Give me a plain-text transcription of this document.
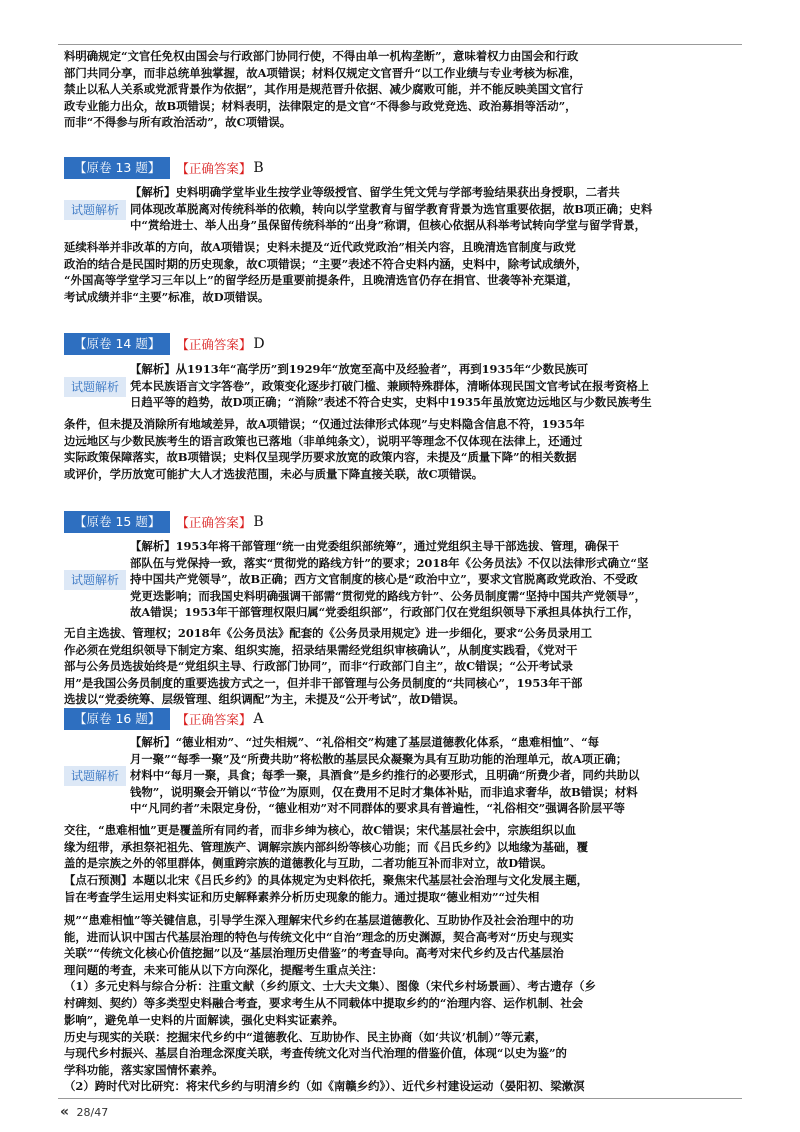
料明确规定“文官任免权由国会与行政部门协同行使，不得由单一机构垄断”，意味着权力由国会和行政
部门共同分享，而非总统单独掌握，故A项错误；材料仅规定文官晋升“以工作业绩与专业考核为标准，
禁止以私人关系或党派背景作为依据”，其作用是规范晋升依据、减少腐败可能，并不能反映美国文官行
政专业能力出众，故B项错误；材料表明，法律限定的是文官“不得参与政党竞选、政治募捐等活动”，
而非“不得参与所有政治活动”，故C项错误。
【原卷 13 题】	【正确答案】 B
试题解析
【解析】史料明确学堂毕业生按学业等级授官、留学生凭文凭与学部考验结果获出身授职，二者共
同体现改革脱离对传统科举的依赖，转向以学堂教育与留学教育背景为选官重要依据，故B项正确；史料
中“赏给进士、举人出身”虽保留传统科举的“出身”称谓，但核心依据从科举考试转向学堂与留学背景，
延续科举并非改革的方向，故A项错误；史料未提及“近代政党政治”相关内容，且晚清选官制度与政党
政治的结合是民国时期的历史现象，故C项错误；“主要”表述不符合史料内涵，史料中，除考试成绩外，
“外国高等学堂学习三年以上”的留学经历是重要前提条件，且晚清选官仍存在捐官、世袭等补充渠道，
考试成绩并非“主要”标准，故D项错误。
【原卷 14 题】	【正确答案】 D
试题解析
【解析】从1913年“高学历”到1929年“放宽至高中及经验者”，再到1935年“少数民族可
凭本民族语言文字答卷”，政策变化逐步打破门槛、兼顾特殊群体，清晰体现民国文官考试在报考资格上
日趋平等的趋势，故D项正确；“消除”表述不符合史实，史料中1935年虽放宽边远地区与少数民族考生
条件，但未提及消除所有地域差异，故A项错误；“仅通过法律形式体现”与史料隐含信息不符，1935年
边远地区与少数民族考生的语言政策也已落地（非单纯条文），说明平等理念不仅体现在法律上，还通过
实际政策保障落实，故B项错误；史料仅呈现学历要求放宽的政策内容，未提及“质量下降”的相关数据
或评价，学历放宽可能扩大人才选拔范围，未必与质量下降直接关联，故C项错误。
【原卷 15 题】	【正确答案】 B
试题解析
【解析】1953年将干部管理“统一由党委组织部统筹”，通过党组织主导干部选拔、管理，确保干
部队伍与党保持一致，落实“贯彻党的路线方针”的要求；2018年《公务员法》不仅以法律形式确立“坚
持中国共产党领导”，故B正确；西方文官制度的核心是“政治中立”，要求文官脱离政党政治、不受政
党更迭影响；而我国史料明确强调干部需“贯彻党的路线方针”、公务员制度需“坚持中国共产党领导”，
故A错误；1953年干部管理权限归属“党委组织部”，行政部门仅在党组织领导下承担具体执行工作，
无自主选拔、管理权；2018年《公务员法》配套的《公务员录用规定》进一步细化，要求“公务员录用工
作必须在党组织领导下制定方案、组织实施，招录结果需经党组织审核确认”，从制度实践看，《党对干
部与公务员选拔始终是“党组织主导、行政部门协同”，而非“行政部门自主”，故C错误；“公开考试录
用”是我国公务员制度的重要选拔方式之一，但并非干部管理与公务员制度的“共同核心”，1953年干部
选拔以“党委统筹、层级管理、组织调配”为主，未提及“公开考试”，故D错误。
【原卷 16 题】	【正确答案】 A
试题解析
【解析】“德业相劝”、“过失相规”、“礼俗相交”构建了基层道德教化体系，“患难相恤”、“每
月一聚”“每季一聚”及“所费共助”将松散的基层民众凝聚为具有互助功能的治理单元，故A项正确；
材料中“每月一聚，具食；每季一聚，具酒食”是乡约推行的必要形式，且明确“所费少者，同约共助以
钱物”，说明聚会开销以“节俭”为原则，仅在费用不足时才集体补贴，而非追求奢华，故B错误；材料
中“凡同约者”未限定身份，“德业相劝”对不同群体的要求具有普遍性，“礼俗相交”强调各阶层平等
交往，“患难相恤”更是覆盖所有同约者，而非乡绅为核心，故C错误；宋代基层社会中，宗族组织以血
缘为纽带，承担祭祀祖先、管理族产、调解宗族内部纠纷等核心功能；而《吕氏乡约》以地缘为基础，覆
盖的是宗族之外的邻里群体，侧重跨宗族的道德教化与互助，二者功能互补而非对立，故D错误。
【点石预测】本题以北宋《吕氏乡约》的具体规定为史料依托，聚焦宋代基层社会治理与文化发展主题，
旨在考查学生运用史料实证和历史解释素养分析历史现象的能力。通过提取“德业相劝”“过失相
规”“患难相恤”等关键信息，引导学生深入理解宋代乡约在基层道德教化、互助协作及社会治理中的功
能，进而认识中国古代基层治理的特色与传统文化中“自治”理念的历史渊源，契合高考对“历史与现实
关联”“传统文化核心价值挖掘”以及“基层治理历史借鉴”的考查导向。高考对宋代乡约及古代基层治
理问题的考查，未来可能从以下方向深化，提醒考生重点关注：
（1）多元史料与综合分析：注重文献（乡约原文、士大夫文集）、图像（宋代乡村场景画）、考古遗存（乡
村碑刻、契约）等多类型史料融合考查，要求考生从不同载体中提取乡约的“治理内容、运作机制、社会
影响”，避免单一史料的片面解读，强化史料实证素养。
历史与现实的关联：挖掘宋代乡约中“道德教化、互助协作、民主协商（如‘共议’机制）”等元素，
与现代乡村振兴、基层自治理念深度关联，考查传统文化对当代治理的借鉴价值，体现“以史为鉴”的
学科功能，落实家国情怀素养。
（2）跨时代对比研究：将宋代乡约与明清乡约（如《南赣乡约》）、近代乡村建设运动（晏阳初、梁漱溟
« 28/47
